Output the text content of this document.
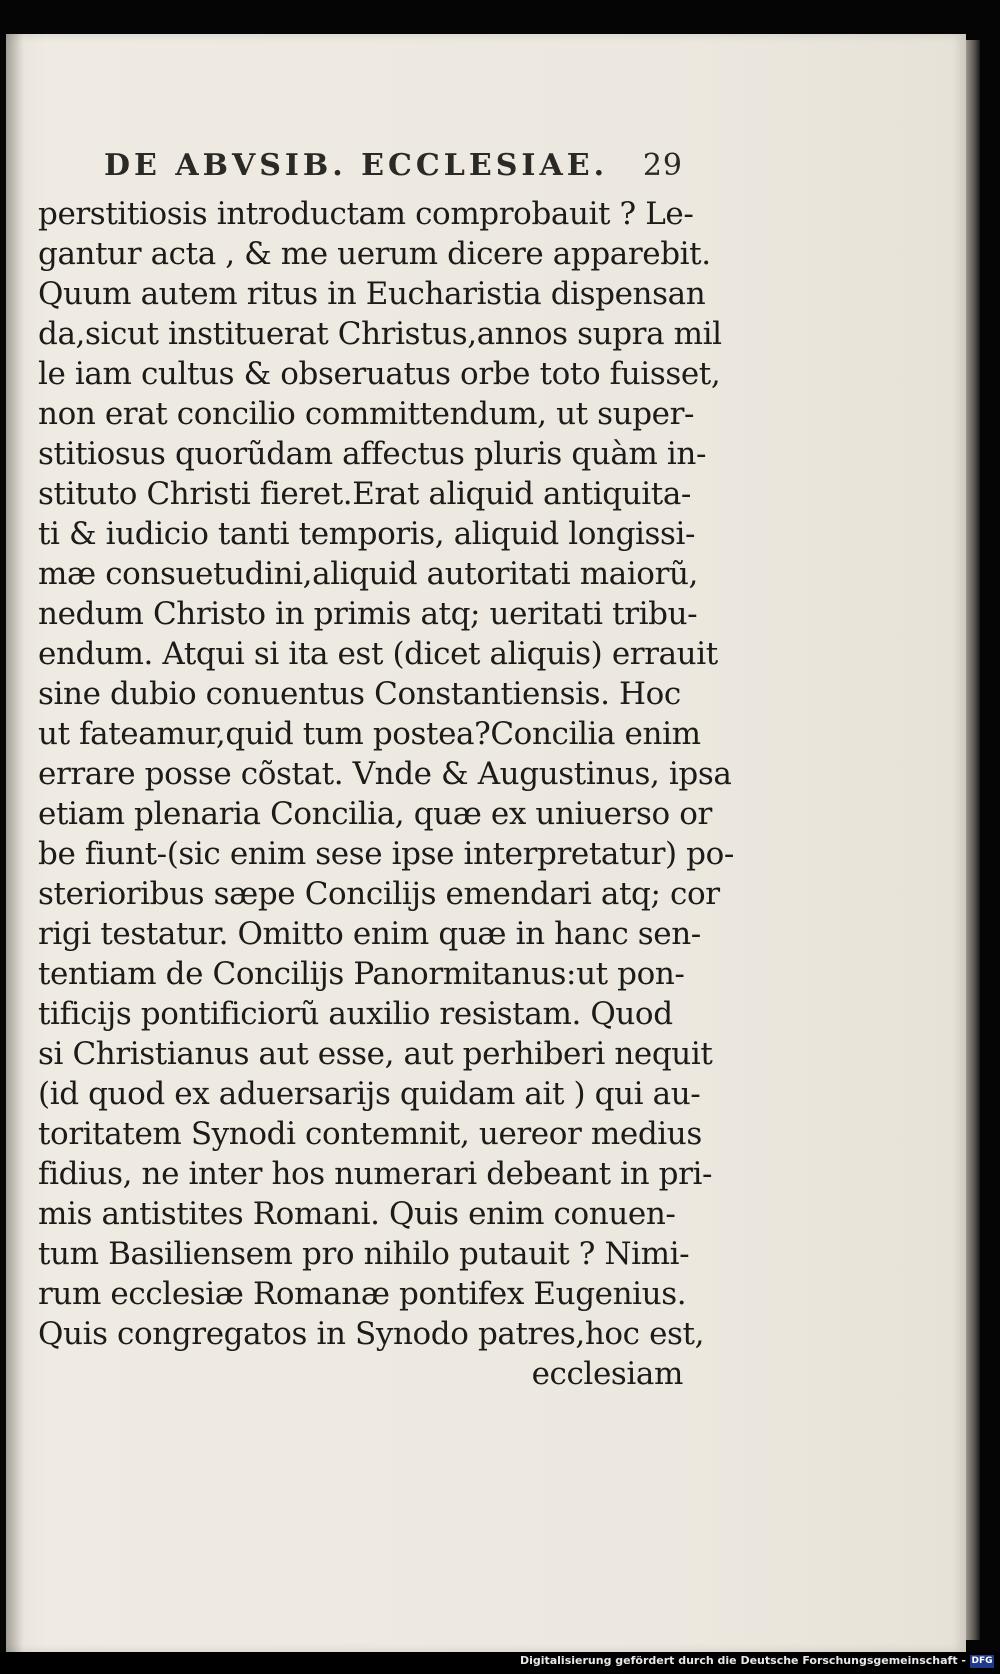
DE ABVSIB. ECCLESIAE. 29
perstitiosis introductam comprobauit ? Le-
gantur acta , & me uerum dicere apparebit.
Quum autem ritus in Eucharistia dispensan
da,sicut instituerat Christus,annos supra mil
le iam cultus & obseruatus orbe toto fuisset,
non erat concilio committendum, ut super-
stitiosus quorũdam affectus pluris quàm in-
stituto Christi fieret.Erat aliquid antiquita-
ti & iudicio tanti temporis, aliquid longissi-
mæ consuetudini,aliquid autoritati maiorũ,
nedum Christo in primis atq; ueritati tribu-
endum. Atqui si ita est (dicet aliquis) errauit
sine dubio conuentus Constantiensis. Hoc
ut fateamur,quid tum postea?Concilia enim
errare posse cõstat. Vnde & Augustinus, ipsa
etiam plenaria Concilia, quæ ex uniuerso or
be fiunt-(sic enim sese ipse interpretatur) po-
sterioribus sæpe Concilijs emendari atq; cor
rigi testatur. Omitto enim quæ in hanc sen-
tentiam de Concilijs Panormitanus:ut pon-
tificijs pontificiorũ auxilio resistam. Quod
si Christianus aut esse, aut perhiberi nequit
(id quod ex aduersarijs quidam ait ) qui au-
toritatem Synodi contemnit, uereor medius
fidius, ne inter hos numerari debeant in pri-
mis antistites Romani. Quis enim conuen-
tum Basiliensem pro nihilo putauit ? Nimi-
rum ecclesiæ Romanæ pontifex Eugenius.
Quis congregatos in Synodo patres,hoc est,
ecclesiam
Digitalisierung gefördert durch die Deutsche Forschungsgemeinschaft - DFG
